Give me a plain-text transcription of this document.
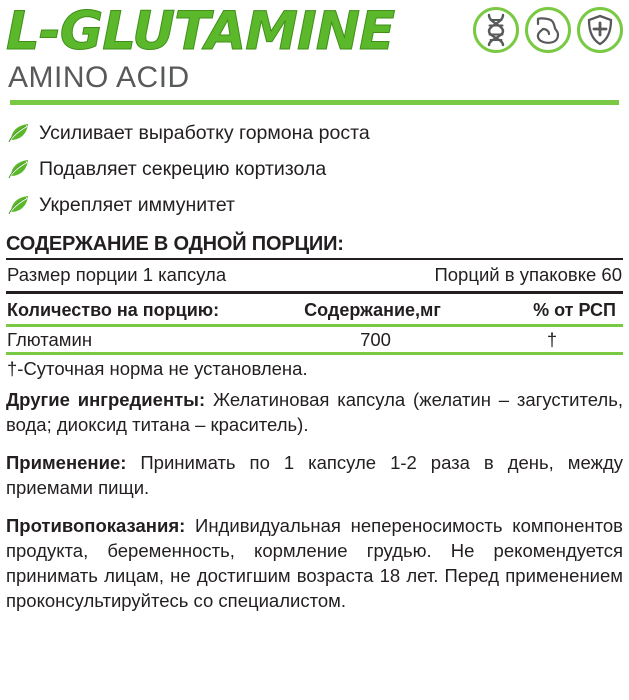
L-GLUTAMINE
AMINO ACID
Усиливает выработку гормона роста
Подавляет секрецию кортизола
Укрепляет иммунитет
СОДЕРЖАНИЕ В ОДНОЙ ПОРЦИИ:
Размер порции 1 капсула	Порций в упаковке 60
Количество на порцию:	Содержание,мг	% от РСП
Глютамин	700	†
†-Суточная норма не установлена.

Другие ингредиенты: Желатиновая капсула (желатин – загуститель, вода; диоксид титана – краситель).

Применение: Принимать по 1 капсуле 1-2 раза в день, между приемами пищи.

Противопоказания: Индивидуальная непереносимость компонентов продукта, беременность, кормление грудью. Не рекомендуется принимать лицам, не достигшим возраста 18 лет. Перед применением проконсультируйтесь со специалистом.
